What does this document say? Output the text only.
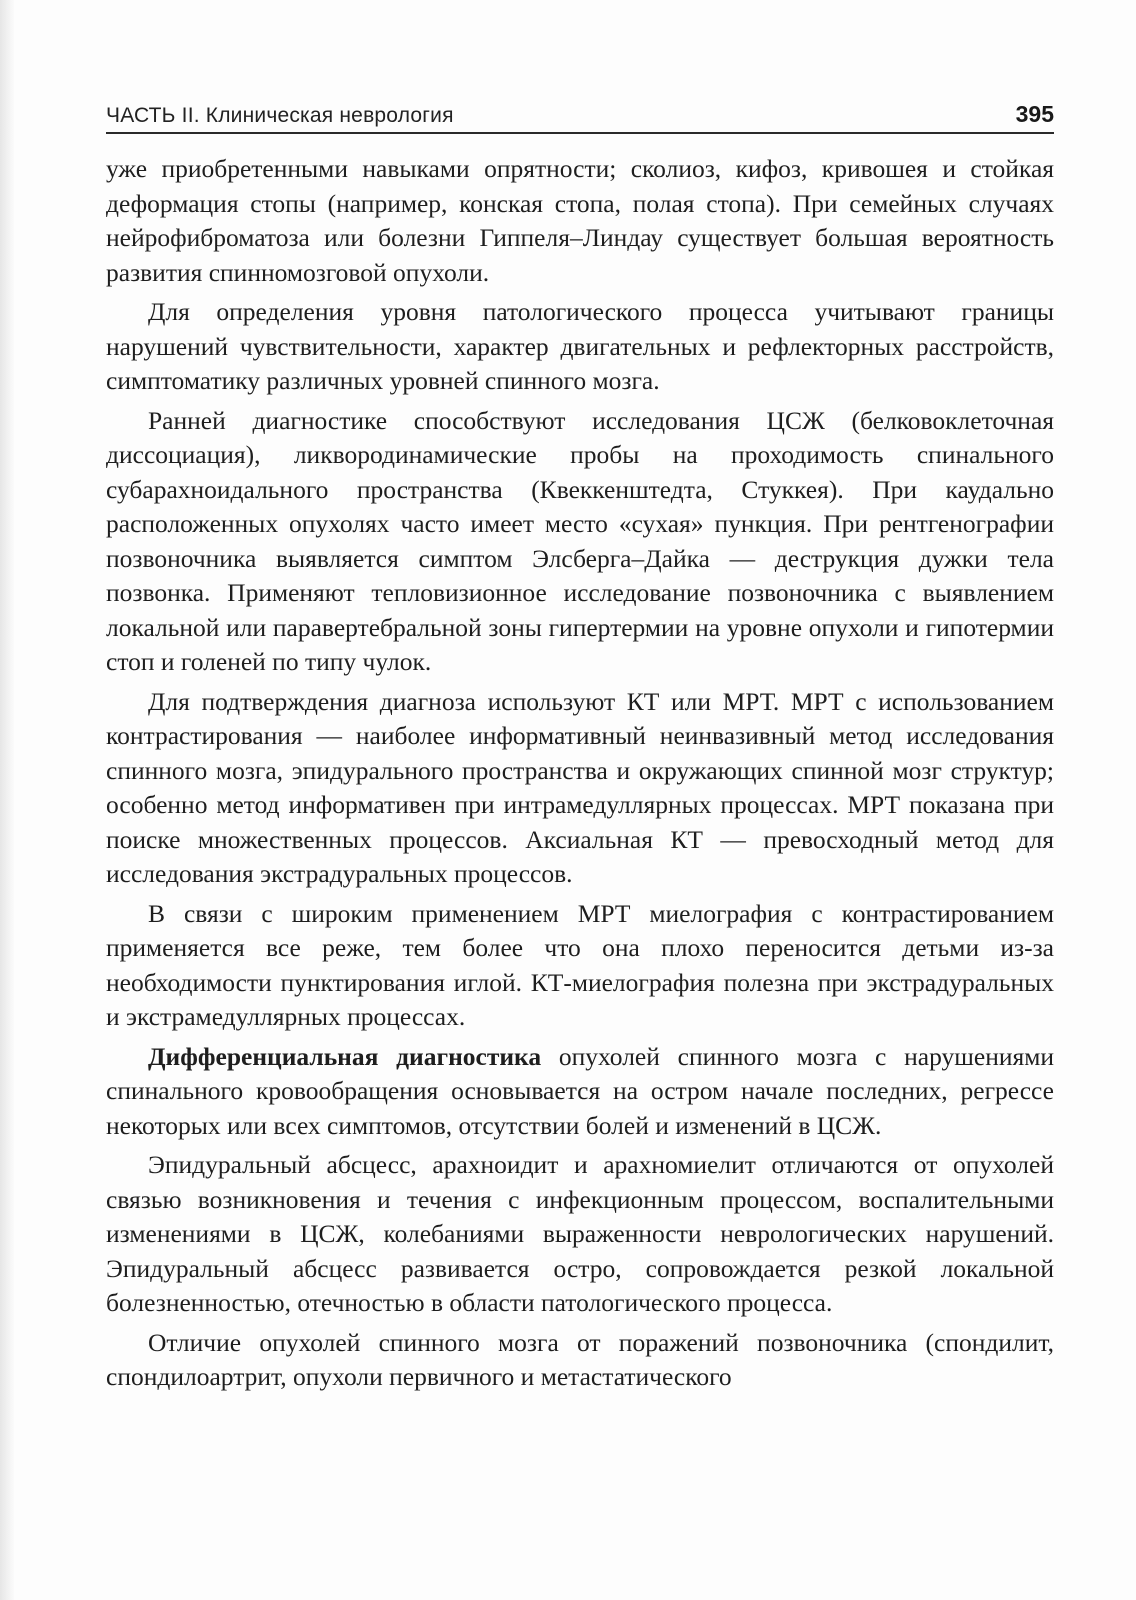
ЧАСТЬ II. Клиническая неврология	395

уже приобретенными навыками опрятности; сколиоз, кифоз, кривошея и стойкая деформация стопы (например, конская стопа, полая стопа). При семейных случаях нейрофиброматоза или болезни Гиппеля–Линдау существует большая вероятность развития спинномозговой опухоли.

Для определения уровня патологического процесса учитывают границы нарушений чувствительности, характер двигательных и рефлекторных расстройств, симптоматику различных уровней спинного мозга.

Ранней диагностике способствуют исследования ЦСЖ (белковоклеточная диссоциация), ликвородинамические пробы на проходимость спинального субарахноидального пространства (Квеккенштедта, Стуккея). При каудально расположенных опухолях часто имеет место «сухая» пункция. При рентгенографии позвоночника выявляется симптом Элсберга–Дайка — деструкция дужки тела позвонка. Применяют тепловизионное исследование позвоночника с выявлением локальной или паравертебральной зоны гипертермии на уровне опухоли и гипотермии стоп и голеней по типу чулок.

Для подтверждения диагноза используют КТ или МРТ. МРТ с использованием контрастирования — наиболее информативный неинвазивный метод исследования спинного мозга, эпидурального пространства и окружающих спинной мозг структур; особенно метод информативен при интрамедуллярных процессах. МРТ показана при поиске множественных процессов. Аксиальная КТ — превосходный метод для исследования экстрадуральных процессов.

В связи с широким применением МРТ миелография с контрастированием применяется все реже, тем более что она плохо переносится детьми из-за необходимости пунктирования иглой. КТ-миелография полезна при экстрадуральных и экстрамедуллярных процессах.

Дифференциальная диагностика опухолей спинного мозга с нарушениями спинального кровообращения основывается на остром начале последних, регрессе некоторых или всех симптомов, отсутствии болей и изменений в ЦСЖ.

Эпидуральный абсцесс, арахноидит и арахномиелит отличаются от опухолей связью возникновения и течения с инфекционным процессом, воспалительными изменениями в ЦСЖ, колебаниями выраженности неврологических нарушений. Эпидуральный абсцесс развивается остро, сопровождается резкой локальной болезненностью, отечностью в области патологического процесса.

Отличие опухолей спинного мозга от поражений позвоночника (спондилит, спондилоартрит, опухоли первичного и метастатического
